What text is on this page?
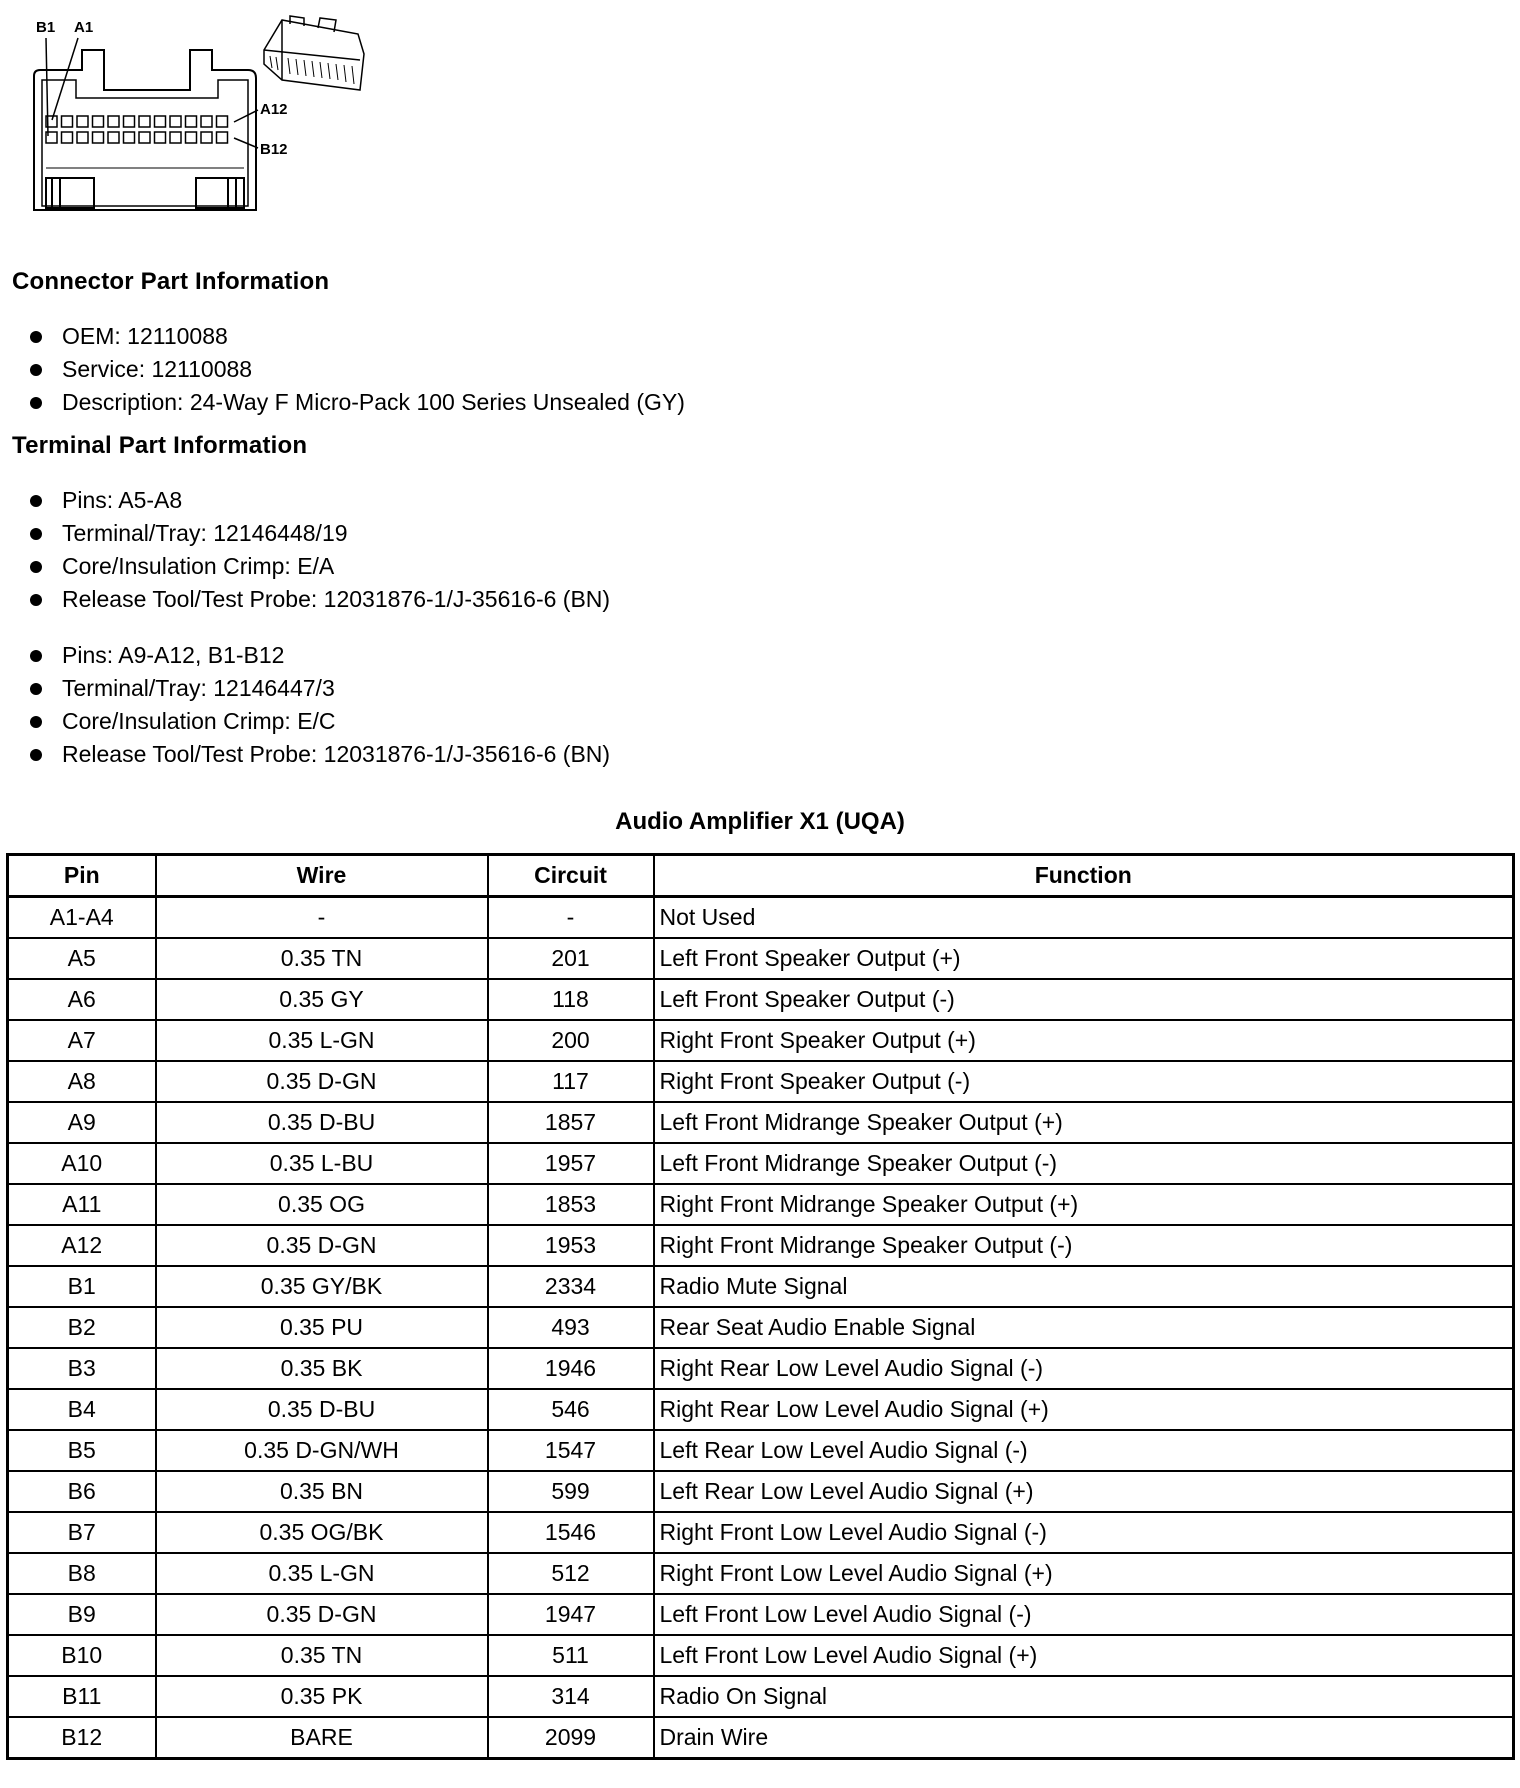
B1 A1
A12
B12
Connector Part Information
OEM: 12110088
Service: 12110088
Description: 24-Way F Micro-Pack 100 Series Unsealed (GY)
Terminal Part Information
Pins: A5-A8
Terminal/Tray: 12146448/19
Core/Insulation Crimp: E/A
Release Tool/Test Probe: 12031876-1/J-35616-6 (BN)
Pins: A9-A12, B1-B12
Terminal/Tray: 12146447/3
Core/Insulation Crimp: E/C
Release Tool/Test Probe: 12031876-1/J-35616-6 (BN)
Audio Amplifier X1 (UQA)
Pin	Wire	Circuit	Function
A1-A4	-	-	Not Used
A5	0.35 TN	201	Left Front Speaker Output (+)
A6	0.35 GY	118	Left Front Speaker Output (-)
A7	0.35 L-GN	200	Right Front Speaker Output (+)
A8	0.35 D-GN	117	Right Front Speaker Output (-)
A9	0.35 D-BU	1857	Left Front Midrange Speaker Output (+)
A10	0.35 L-BU	1957	Left Front Midrange Speaker Output (-)
A11	0.35 OG	1853	Right Front Midrange Speaker Output (+)
A12	0.35 D-GN	1953	Right Front Midrange Speaker Output (-)
B1	0.35 GY/BK	2334	Radio Mute Signal
B2	0.35 PU	493	Rear Seat Audio Enable Signal
B3	0.35 BK	1946	Right Rear Low Level Audio Signal (-)
B4	0.35 D-BU	546	Right Rear Low Level Audio Signal (+)
B5	0.35 D-GN/WH	1547	Left Rear Low Level Audio Signal (-)
B6	0.35 BN	599	Left Rear Low Level Audio Signal (+)
B7	0.35 OG/BK	1546	Right Front Low Level Audio Signal (-)
B8	0.35 L-GN	512	Right Front Low Level Audio Signal (+)
B9	0.35 D-GN	1947	Left Front Low Level Audio Signal (-)
B10	0.35 TN	511	Left Front Low Level Audio Signal (+)
B11	0.35 PK	314	Radio On Signal
B12	BARE	2099	Drain Wire
